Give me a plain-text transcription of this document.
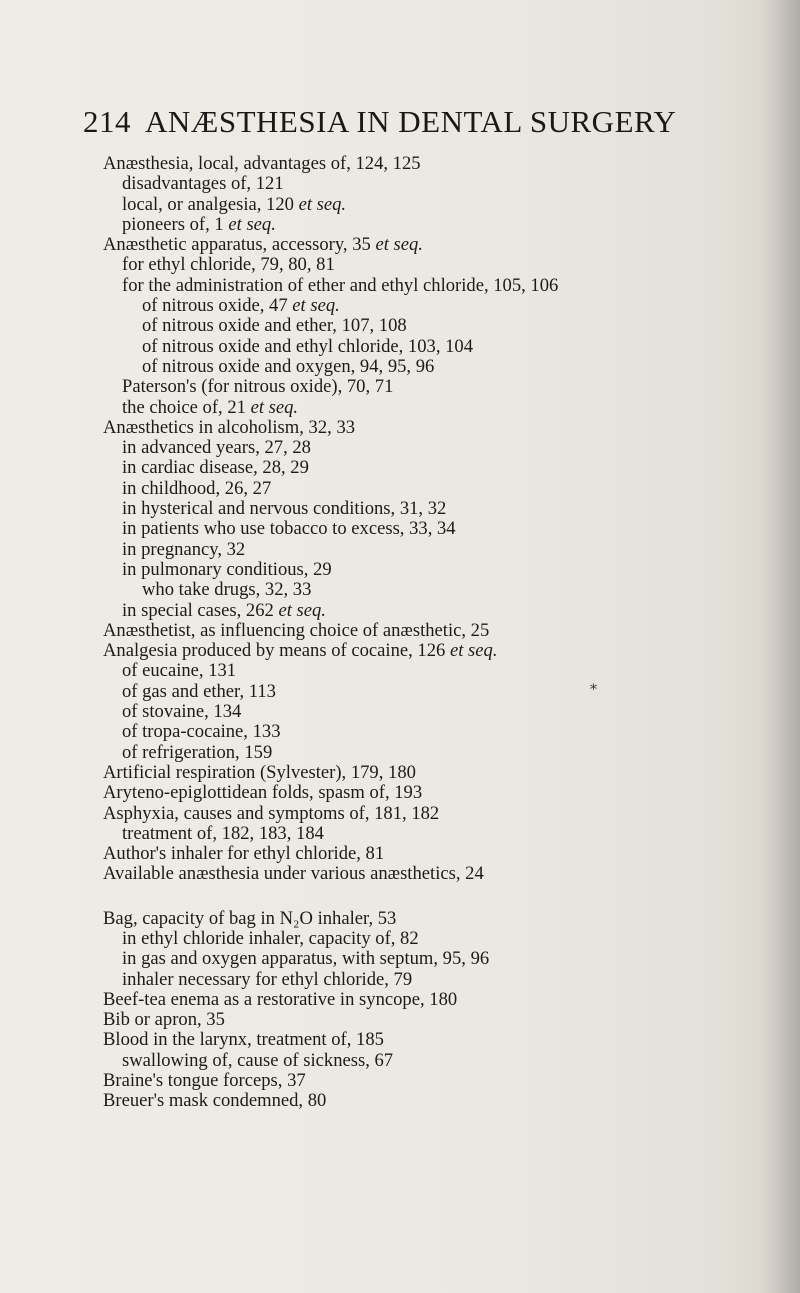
214 ANÆSTHESIA IN DENTAL SURGERY
Anæsthesia, local, advantages of, 124, 125
disadvantages of, 121
local, or analgesia, 120 et seq.
pioneers of, 1 et seq.
Anæsthetic apparatus, accessory, 35 et seq.
for ethyl chloride, 79, 80, 81
for the administration of ether and ethyl chloride, 105, 106
of nitrous oxide, 47 et seq.
of nitrous oxide and ether, 107, 108
of nitrous oxide and ethyl chloride, 103, 104
of nitrous oxide and oxygen, 94, 95, 96
Paterson's (for nitrous oxide), 70, 71
the choice of, 21 et seq.
Anæsthetics in alcoholism, 32, 33
in advanced years, 27, 28
in cardiac disease, 28, 29
in childhood, 26, 27
in hysterical and nervous conditions, 31, 32
in patients who use tobacco to excess, 33, 34
in pregnancy, 32
in pulmonary conditious, 29
who take drugs, 32, 33
in special cases, 262 et seq.
Anæsthetist, as influencing choice of anæsthetic, 25
Analgesia produced by means of cocaine, 126 et seq.
of eucaine, 131
of gas and ether, 113
of stovaine, 134
of tropa-cocaine, 133
of refrigeration, 159
Artificial respiration (Sylvester), 179, 180
Aryteno-epiglottidean folds, spasm of, 193
Asphyxia, causes and symptoms of, 181, 182
treatment of, 182, 183, 184
Author's inhaler for ethyl chloride, 81
Available anæsthesia under various anæsthetics, 24
Bag, capacity of bag in N₂O inhaler, 53
in ethyl chloride inhaler, capacity of, 82
in gas and oxygen apparatus, with septum, 95, 96
inhaler necessary for ethyl chloride, 79
Beef-tea enema as a restorative in syncope, 180
Bib or apron, 35
Blood in the larynx, treatment of, 185
swallowing of, cause of sickness, 67
Braine's tongue forceps, 37
Breuer's mask condemned, 80
*
